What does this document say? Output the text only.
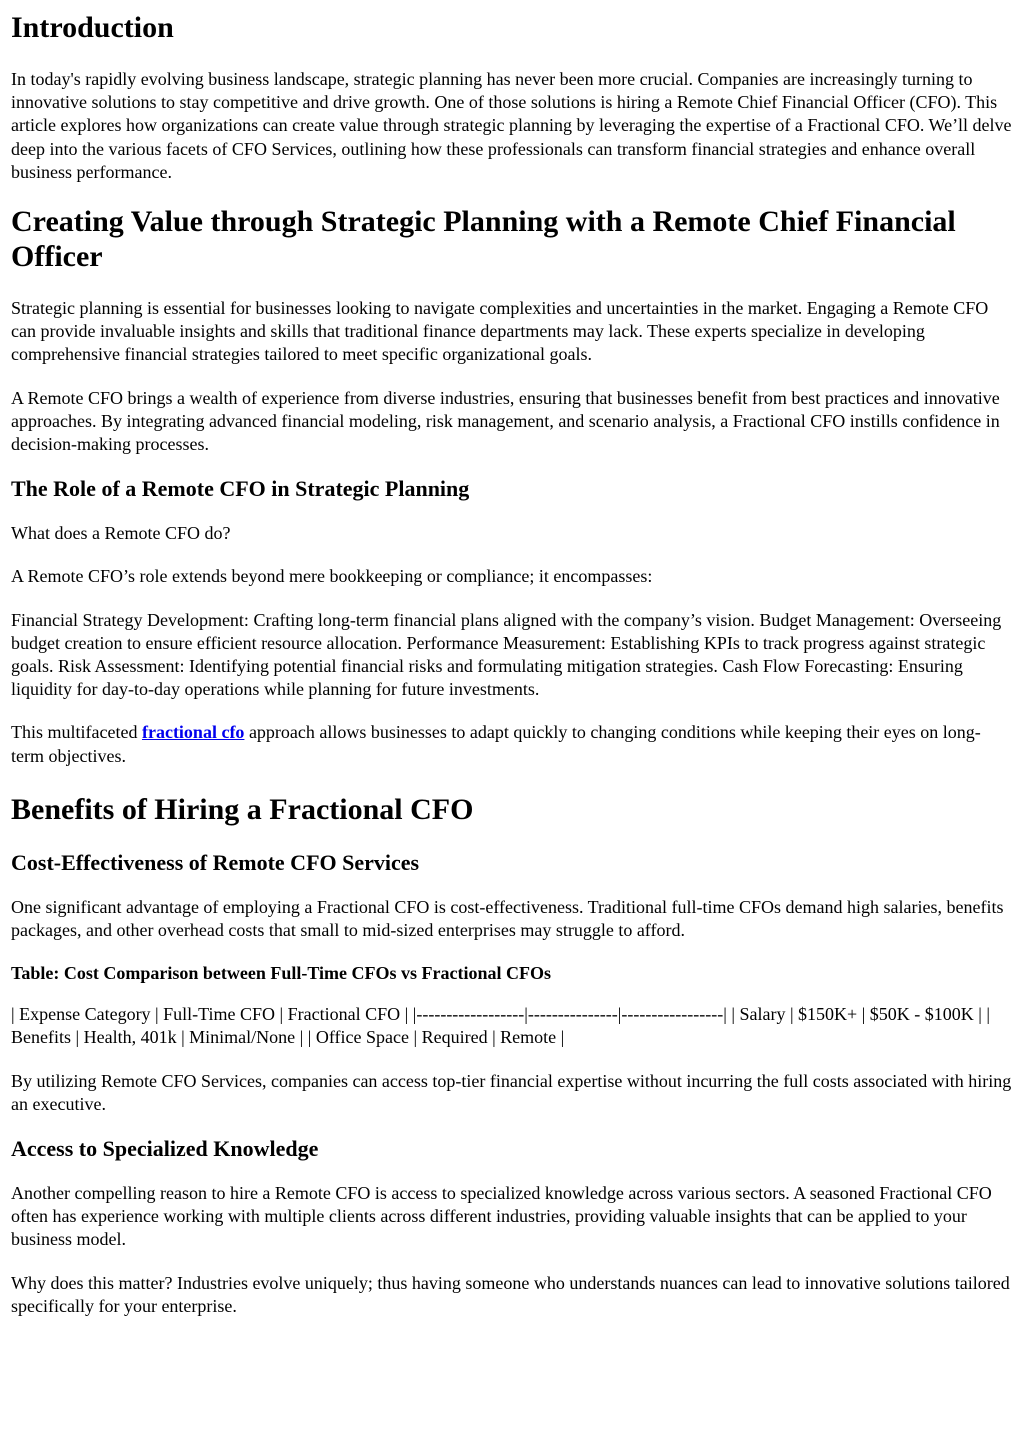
Introduction

In today's rapidly evolving business landscape, strategic planning has never been more crucial. Companies are increasingly turning to innovative solutions to stay competitive and drive growth. One of those solutions is hiring a Remote Chief Financial Officer (CFO). This article explores how organizations can create value through strategic planning by leveraging the expertise of a Fractional CFO. We’ll delve deep into the various facets of CFO Services, outlining how these professionals can transform financial strategies and enhance overall business performance.

Creating Value through Strategic Planning with a Remote Chief Financial Officer

Strategic planning is essential for businesses looking to navigate complexities and uncertainties in the market. Engaging a Remote CFO can provide invaluable insights and skills that traditional finance departments may lack. These experts specialize in developing comprehensive financial strategies tailored to meet specific organizational goals.

A Remote CFO brings a wealth of experience from diverse industries, ensuring that businesses benefit from best practices and innovative approaches. By integrating advanced financial modeling, risk management, and scenario analysis, a Fractional CFO instills confidence in decision-making processes.

The Role of a Remote CFO in Strategic Planning

What does a Remote CFO do?

A Remote CFO’s role extends beyond mere bookkeeping or compliance; it encompasses:

Financial Strategy Development: Crafting long-term financial plans aligned with the company’s vision. Budget Management: Overseeing budget creation to ensure efficient resource allocation. Performance Measurement: Establishing KPIs to track progress against strategic goals. Risk Assessment: Identifying potential financial risks and formulating mitigation strategies. Cash Flow Forecasting: Ensuring liquidity for day-to-day operations while planning for future investments.

This multifaceted fractional cfo approach allows businesses to adapt quickly to changing conditions while keeping their eyes on long-term objectives.

Benefits of Hiring a Fractional CFO
Cost-Effectiveness of Remote CFO Services

One significant advantage of employing a Fractional CFO is cost-effectiveness. Traditional full-time CFOs demand high salaries, benefits packages, and other overhead costs that small to mid-sized enterprises may struggle to afford.

Table: Cost Comparison between Full-Time CFOs vs Fractional CFOs

| Expense Category | Full-Time CFO | Fractional CFO | |------------------|---------------|-----------------| | Salary | $150K+ | $50K - $100K | | Benefits | Health, 401k | Minimal/None | | Office Space | Required | Remote |

By utilizing Remote CFO Services, companies can access top-tier financial expertise without incurring the full costs associated with hiring an executive.

Access to Specialized Knowledge

Another compelling reason to hire a Remote CFO is access to specialized knowledge across various sectors. A seasoned Fractional CFO often has experience working with multiple clients across different industries, providing valuable insights that can be applied to your business model.

Why does this matter? Industries evolve uniquely; thus having someone who understands nuances can lead to innovative solutions tailored specifically for your enterprise.
